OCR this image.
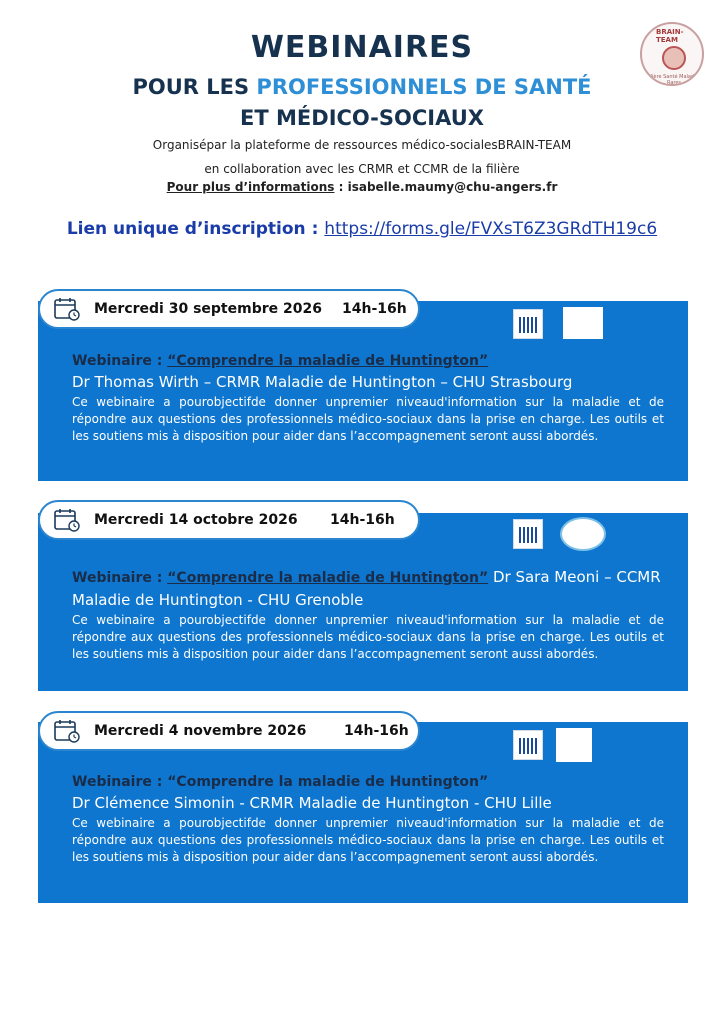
WEBINAIRES
POUR LES PROFESSIONNELS DE SANTÉ
ET MÉDICO-SOCIAUX
BRAIN-TEAM
Filière Santé Maladies Rares
Organisépar la plateforme de ressources médico-socialesBRAIN-TEAM
en collaboration avec les CRMR et CCMR de la filière
Pour plus d’informations : isabelle.maumy@chu-angers.fr
Lien unique d’inscription : https://forms.gle/FVXsT6Z3GRdTH19c6
Mercredi 30 septembre 2026 14h-16h
Webinaire : “Comprendre la maladie de Huntington”
Dr Thomas Wirth – CRMR Maladie de Huntington – CHU Strasbourg
Ce webinaire a pourobjectifde donner unpremier niveaud'information sur la maladie et de répondre aux questions des professionnels médico-sociaux dans la prise en charge. Les outils et les soutiens mis à disposition pour aider dans l’accompagnement seront aussi abordés.
Mercredi 14 octobre 2026 14h-16h
Webinaire : “Comprendre la maladie de Huntington” Dr Sara Meoni – CCMR Maladie de Huntington - CHU Grenoble
Ce webinaire a pourobjectifde donner unpremier niveaud'information sur la maladie et de répondre aux questions des professionnels médico-sociaux dans la prise en charge. Les outils et les soutiens mis à disposition pour aider dans l’accompagnement seront aussi abordés.
Mercredi 4 novembre 2026	14h-16h
Webinaire : “Comprendre la maladie de Huntington”
Dr Clémence Simonin - CRMR Maladie de Huntington - CHU Lille
Ce webinaire a pourobjectifde donner unpremier niveaud'information sur la maladie et de répondre aux questions des professionnels médico-sociaux dans la prise en charge. Les outils et les soutiens mis à disposition pour aider dans l’accompagnement seront aussi abordés.
